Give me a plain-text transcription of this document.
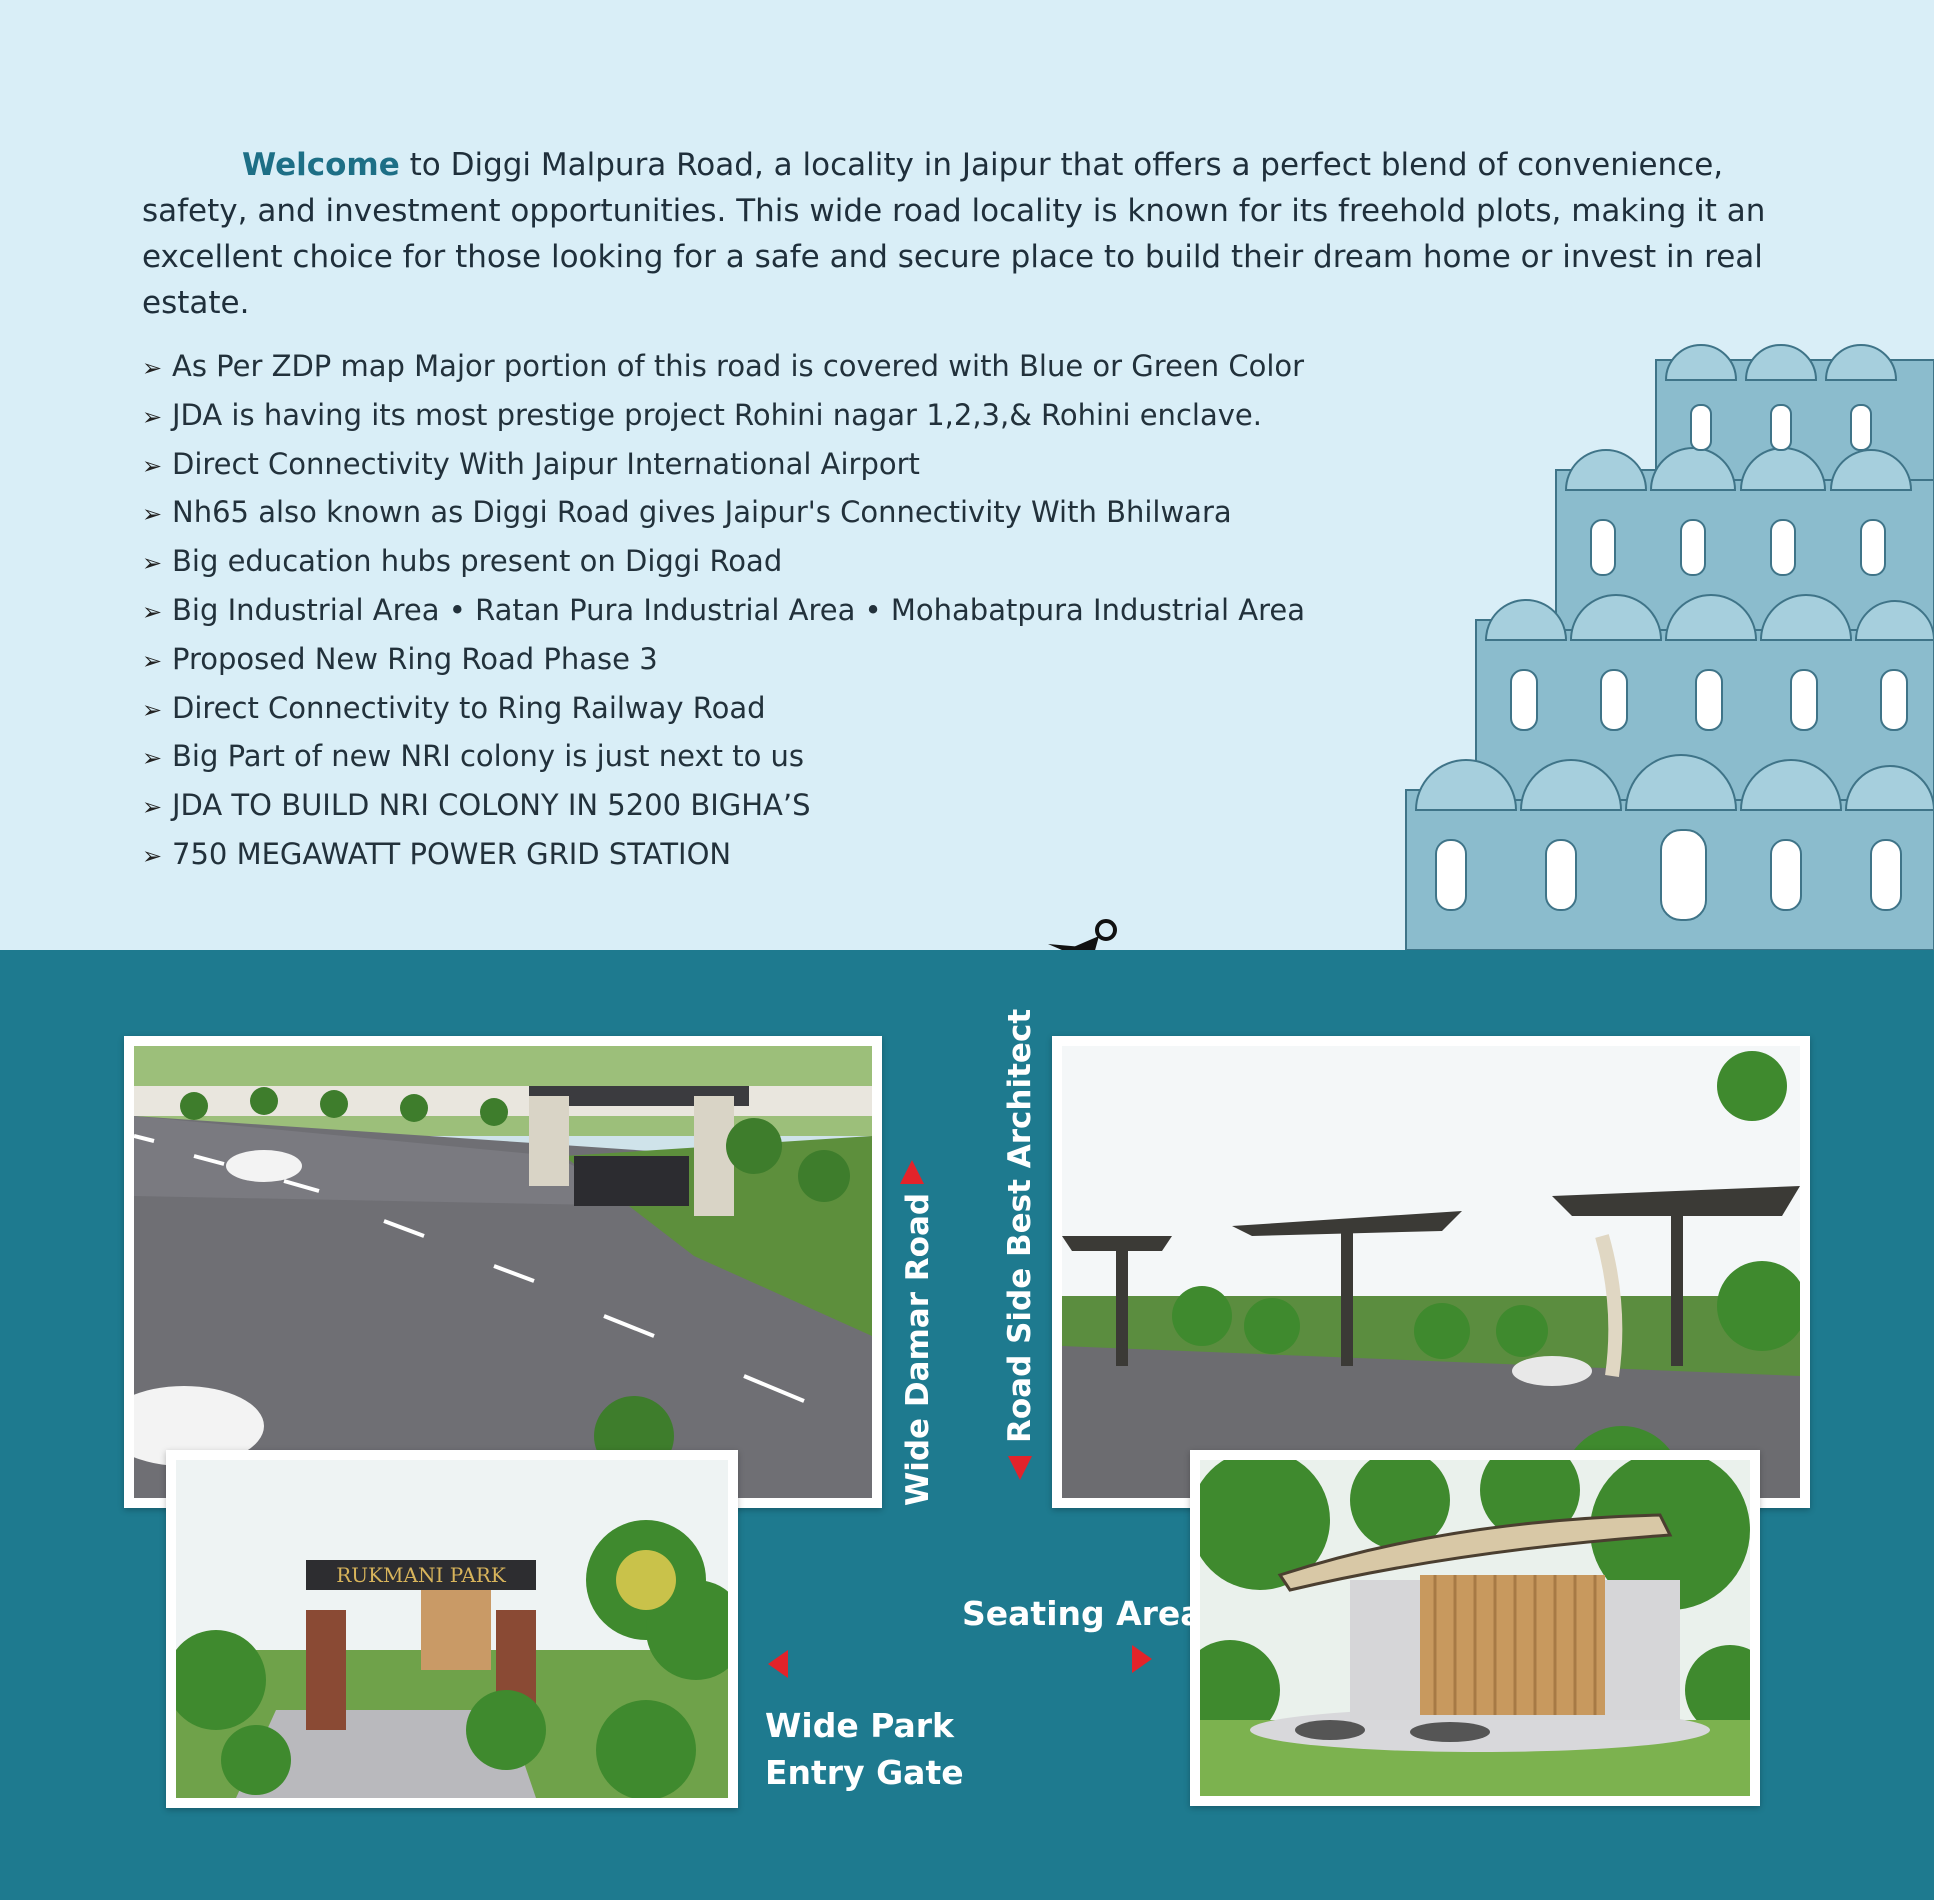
Welcome to Diggi Malpura Road, a locality in Jaipur that offers a perfect blend of convenience, safety, and investment opportunities. This wide road locality is known for its freehold plots, making it an excellent choice for those looking for a safe and secure place to build their dream home or invest in real estate.

➢ As Per ZDP map Major portion of this road is covered with Blue or Green Color
➢ JDA is having its most prestige project Rohini nagar 1,2,3,& Rohini enclave.
➢ Direct Connectivity With Jaipur International Airport
➢ Nh65 also known as Diggi Road gives Jaipur's Connectivity With Bhilwara
➢ Big education hubs present on Diggi Road
➢ Big Industrial Area • Ratan Pura Industrial Area • Mohabatpura Industrial Area
➢ Proposed New Ring Road Phase 3
➢ Direct Connectivity to Ring Railway Road
➢ Big Part of new NRI colony is just next to us
➢ JDA TO BUILD NRI COLONY IN 5200 BIGHA’S
➢ 750 MEGAWATT POWER GRID STATION
RUKMANI PARK
Wide Damar Road Road Side Best Architect
Wide Park
Entry Gate
Seating Area
